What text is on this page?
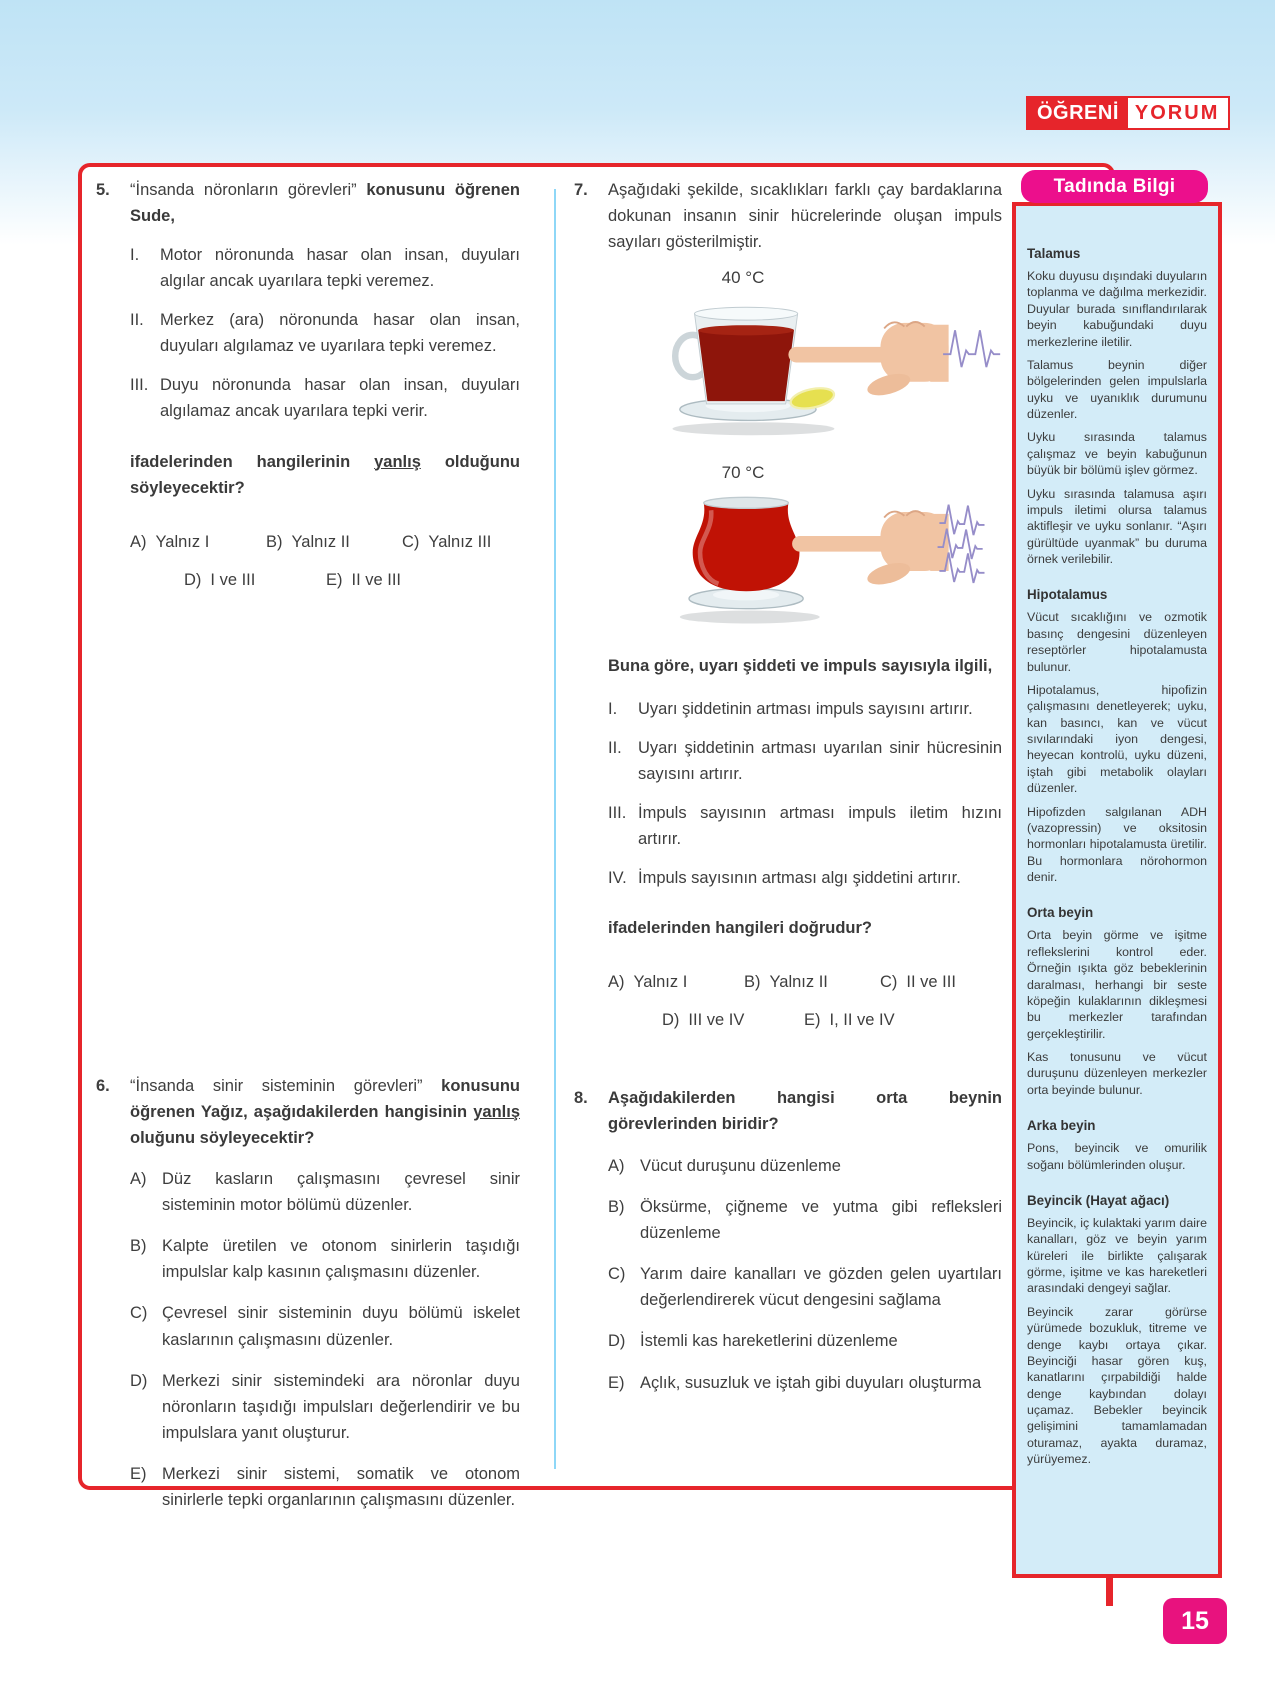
ÖĞRENİ YORUM
5.	“İnsanda nöronların görevleri” konusunu öğrenen Sude,

I.	Motor nöronunda hasar olan insan, duyuları algılar ancak uyarılara tepki veremez.
II. Merkez (ara) nöronunda hasar olan insan, duyuları algılamaz ve uyarılara tepki veremez.
III. Duyu nöronunda hasar olan insan, duyuları algılamaz ancak uyarılara tepki verir.

ifadelerinden hangilerinin yanlış olduğunu söyleyecektir?

A) Yalnız I	B) Yalnız II	C) Yalnız III
D) I ve III	E) II ve III
6.	“İnsanda sinir sisteminin görevleri” konusunu öğrenen Yağız, aşağıdakilerden hangisinin yanlış oluğunu söyleyecektir?

A) Düz kasların çalışmasını çevresel sinir sisteminin motor bölümü düzenler.
B) Kalpte üretilen ve otonom sinirlerin taşıdığı impulslar kalp kasının çalışmasını düzenler.
C) Çevresel sinir sisteminin duyu bölümü iskelet kaslarının çalışmasını düzenler.
D) Merkezi sinir sistemindeki ara nöronlar duyu nöronların taşıdığı impulsları değerlendirir ve bu impulslara yanıt oluşturur.
E) Merkezi sinir sistemi, somatik ve otonom sinirlerle tepki organlarının çalışmasını düzenler.
7.	Aşağıdaki şekilde, sıcaklıkları farklı çay bardaklarına dokunan insanın sinir hücrelerinde oluşan impuls sayıları gösterilmiştir.

40 °C
70 °C

Buna göre, uyarı şiddeti ve impuls sayısıyla ilgili,

I.	Uyarı şiddetinin artması impuls sayısını artırır.
II. Uyarı şiddetinin artması uyarılan sinir hücresinin sayısını artırır.
III. İmpuls sayısının artması impuls iletim hızını artırır.
IV. İmpuls sayısının artması algı şiddetini artırır.

ifadelerinden hangileri doğrudur?

A) Yalnız I	B) Yalnız II	C) II ve III
D) III ve IV	E) I, II ve IV
8.	Aşağıdakilerden hangisi orta beynin görevlerinden biridir?

A) Vücut duruşunu düzenleme
B) Öksürme, çiğneme ve yutma gibi refleksleri düzenleme
C) Yarım daire kanalları ve gözden gelen uyartıları değerlendirerek vücut dengesini sağlama
D) İstemli kas hareketlerini düzenleme
E) Açlık, susuzluk ve iştah gibi duyuları oluşturma
Tadında Bilgi
Talamus

Koku duyusu dışındaki duyuların toplanma ve dağılma merkezidir. Duyular burada sınıflandırılarak beyin kabuğundaki duyu merkezlerine iletilir.

Talamus beynin diğer bölgelerinden gelen impulslarla uyku ve uyanıklık durumunu düzenler.

Uyku sırasında talamus çalışmaz ve beyin kabuğunun büyük bir bölümü işlev görmez.

Uyku sırasında talamusa aşırı impuls iletimi olursa talamus aktifleşir ve uyku sonlanır. “Aşırı gürültüde uyanmak” bu duruma örnek verilebilir.

Hipotalamus

Vücut sıcaklığını ve ozmotik basınç dengesini düzenleyen reseptörler hipotalamusta bulunur.

Hipotalamus, hipofizin çalışmasını denetleyerek; uyku, kan basıncı, kan ve vücut sıvılarındaki iyon dengesi, heyecan kontrolü, uyku düzeni, iştah gibi metabolik olayları düzenler.

Hipofizden salgılanan ADH (vazopressin) ve oksitosin hormonları hipotalamusta üretilir. Bu hormonlara nörohormon denir.

Orta beyin

Orta beyin görme ve işitme reflekslerini kontrol eder. Örneğin ışıkta göz bebeklerinin daralması, herhangi bir seste köpeğin kulaklarının dikleşmesi bu merkezler tarafından gerçekleştirilir.

Kas tonusunu ve vücut duruşunu düzenleyen merkezler orta beyinde bulunur.

Arka beyin

Pons, beyincik ve omurilik soğanı bölümlerinden oluşur.

Beyincik (Hayat ağacı)

Beyincik, iç kulaktaki yarım daire kanalları, göz ve beyin yarım küreleri ile birlikte çalışarak görme, işitme ve kas hareketleri arasındaki dengeyi sağlar.

Beyincik zarar görürse yürümede bozukluk, titreme ve denge kaybı ortaya çıkar. Beyinciği hasar gören kuş, kanatlarını çırpabildiği halde denge kaybından dolayı uçamaz. Bebekler beyincik gelişimini tamamlamadan oturamaz, ayakta duramaz, yürüyemez.

15
